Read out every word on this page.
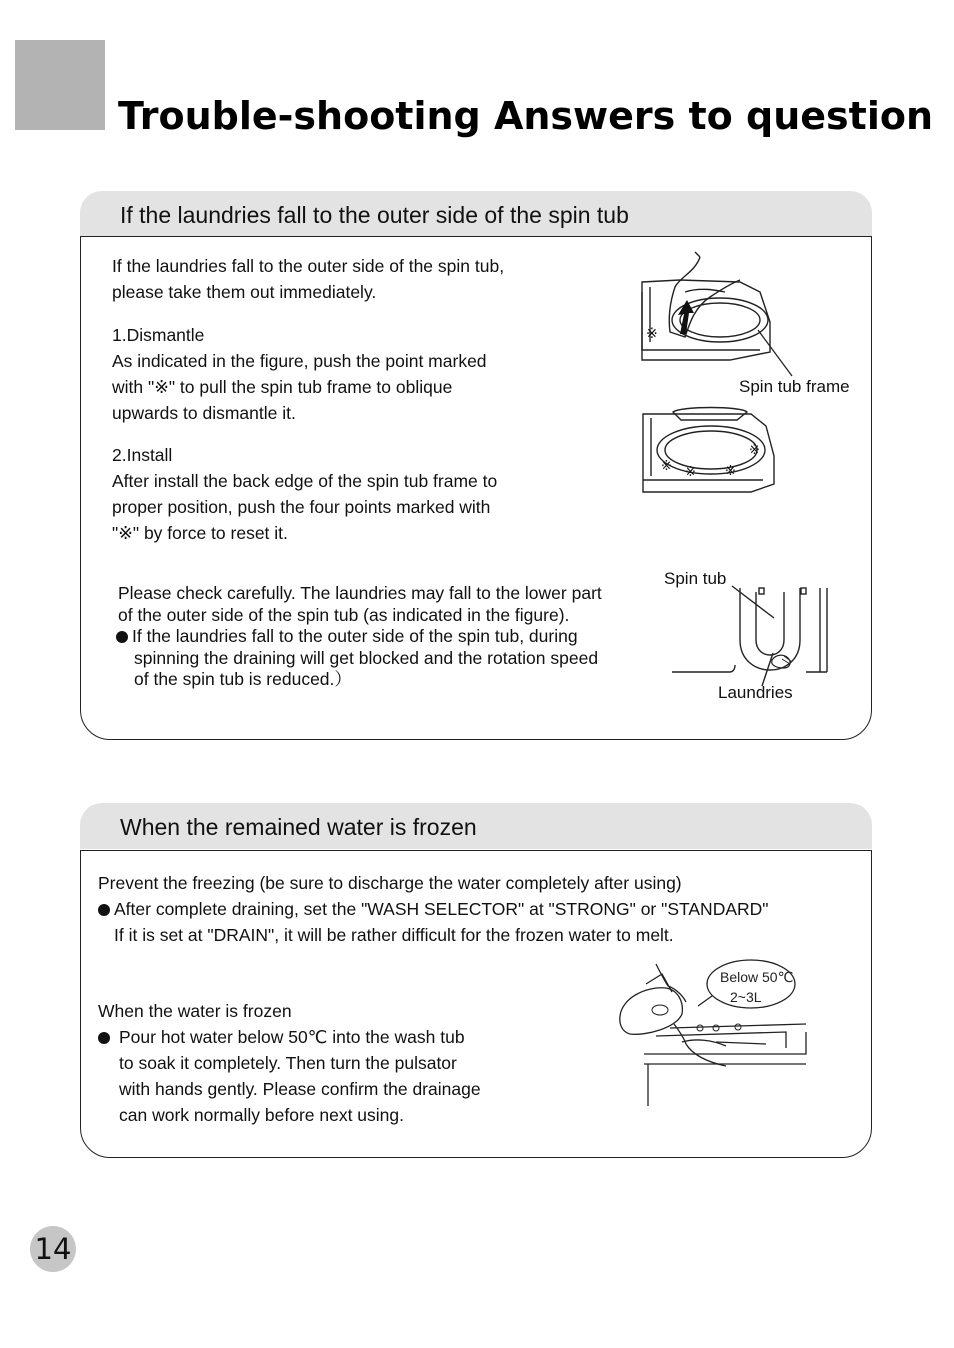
Trouble-shooting Answers to question
If the laundries fall to the outer side of the spin tub
If the laundries fall to the outer side of the spin tub,
please take them out immediately.
1.Dismantle
As indicated in the figure, push the point marked
with "※" to pull the spin tub frame to oblique
upwards to dismantle it.
2.Install
After install the back edge of the spin tub frame to
proper position, push the four points marked with
"※" by force to reset it.
Please check carefully. The laundries may fall to the lower part
of the outer side of the spin tub (as indicated in the figure).
If the laundries fall to the outer side of the spin tub, during
spinning the draining will get blocked and the rotation speed
of the spin tub is reduced.）
※
Spin tub frame
※ ※ ※
※
Spin tub
Laundries
When the remained water is frozen
Prevent the freezing (be sure to discharge the water completely after using)
After complete draining, set the "WASH SELECTOR" at "STRONG" or "STANDARD"
If it is set at "DRAIN", it will be rather difficult for the frozen water to melt.
When the water is frozen
Pour hot water below 50℃ into the wash tub
to soak it completely. Then turn the pulsator
with hands gently. Please confirm the drainage
can work normally before next using.
Below 50℃
2~3L
14
